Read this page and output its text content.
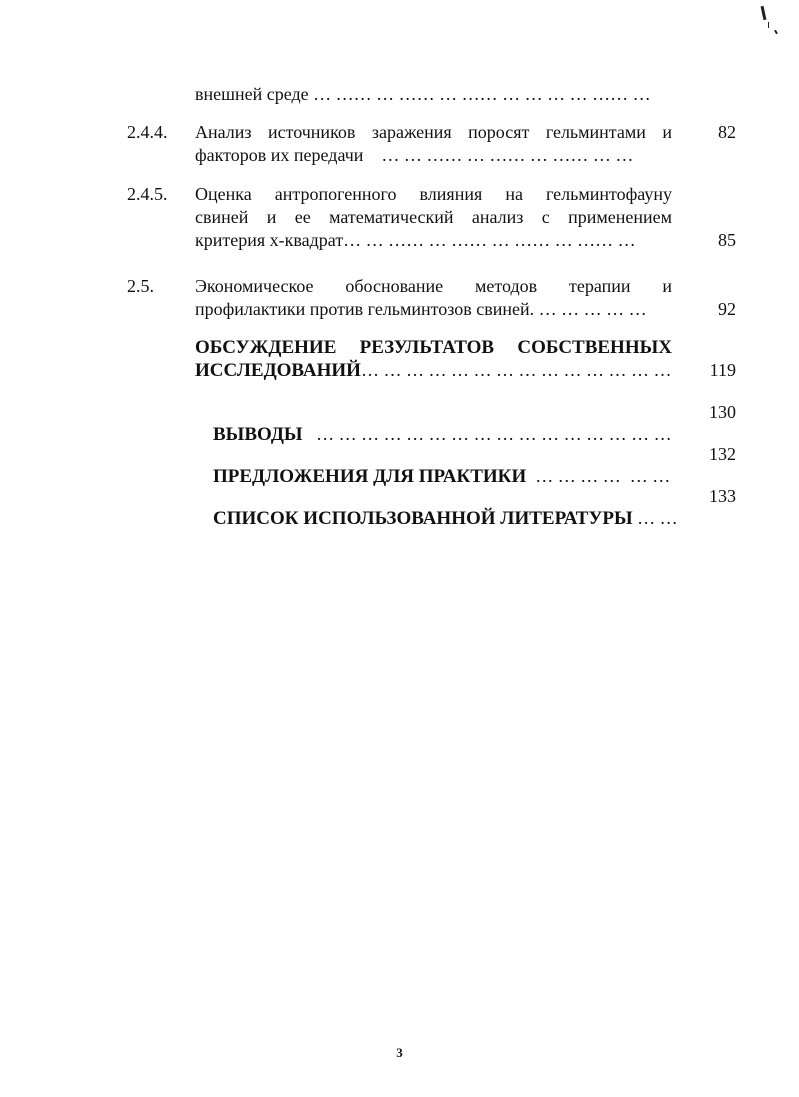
внешней среде … …… … …… … …… … … … … …… …
2.4.4. Анализ источников заражения поросят гельминтами и
факторов их передачи    … … …… … …… … …… … …
82
2.4.5. Оценка антропогенного влияния на гельминтофауну
свиней и ее математический анализ с применением
критерия х-квадрат… … …… … …… … …… … …… …	85
2.5. Экономическое обоснование методов терапии и
профилактики против гельминтозов свиней. … … … … …	92
ОБСУЖДЕНИЕ РЕЗУЛЬТАТОВ СОБСТВЕННЫХ
ИССЛЕДОВАНИЙ… … … … … … … … … … … … … … 119

ВЫВОДЫ   … … … … … … … … … … … … … … … …

130

ПРЕДЛОЖЕНИЯ ДЛЯ ПРАКТИКИ  … … … …  … …

132

СПИСОК ИСПОЛЬЗОВАННОЙ ЛИТЕРАТУРЫ … …

133
3
